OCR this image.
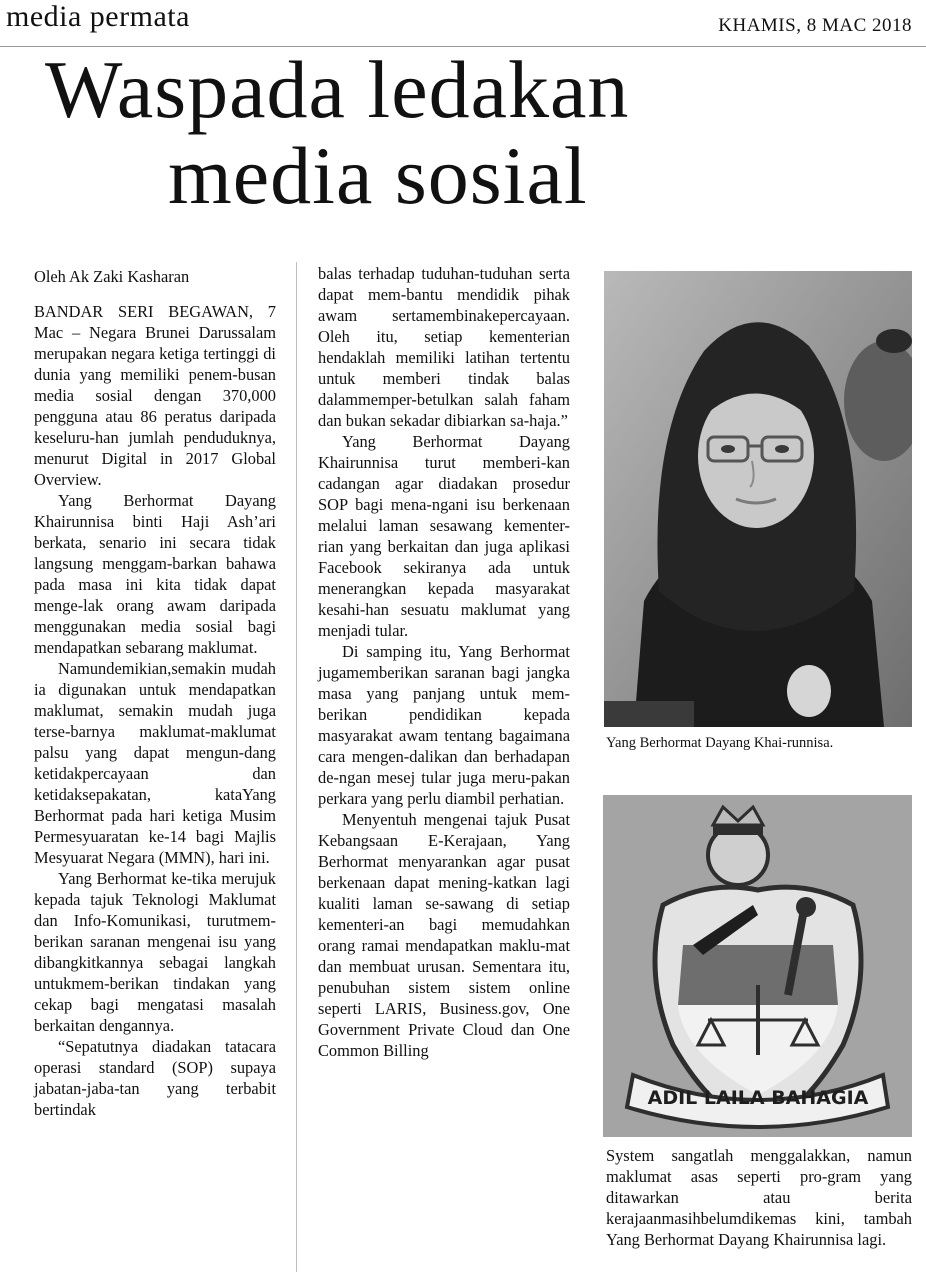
media permata	KHAMIS, 8 MAC 2018
Waspada ledakan
media sosial

Oleh Ak Zaki Kasharan

BANDAR SERI BEGAWAN, 7 Mac – Negara Brunei Darussalam merupakan negara ketiga tertinggi di dunia yang memiliki penem-busan media sosial dengan 370,000 pengguna atau 86 peratus daripada keseluru-han jumlah penduduknya, menurut Digital in 2017 Global Overview.

Yang Berhormat Dayang Khairunnisa binti Haji Ash’ari berkata, senario ini secara tidak langsung menggam-barkan bahawa pada masa ini kita tidak dapat menge-lak orang awam daripada menggunakan media sosial bagi mendapatkan sebarang maklumat.

Namundemikian,semakin mudah ia digunakan untuk mendapatkan maklumat, semakin mudah juga terse-barnya maklumat-maklumat palsu yang dapat mengun-dang ketidakpercayaan dan ketidaksepakatan, kataYang Berhormat pada hari ketiga Musim Permesyuaratan ke-14 bagi Majlis Mesyuarat Negara (MMN), hari ini.

Yang Berhormat ke-tika merujuk kepada tajuk Teknologi Maklumat dan Info-Komunikasi, turutmem-berikan saranan mengenai isu yang dibangkitkannya sebagai langkah untukmem-berikan tindakan yang cekap bagi mengatasi masalah berkaitan dengannya.

“Sepatutnya diadakan tatacara operasi standard (SOP) supaya jabatan-jaba-tan yang terbabit bertindak

balas terhadap tuduhan-tuduhan serta dapat mem-bantu mendidik pihak awam sertamembinakepercayaan. Oleh itu, setiap kementerian hendaklah memiliki latihan tertentu untuk memberi tindak balas dalammemper-betulkan salah faham dan bukan sekadar dibiarkan sa-haja.”

Yang Berhormat Dayang Khairunnisa turut memberi-kan cadangan agar diadakan prosedur SOP bagi mena-ngani isu berkenaan melalui laman sesawang kementer-rian yang berkaitan dan juga aplikasi Facebook sekiranya ada untuk menerangkan kepada masyarakat kesahi-han sesuatu maklumat yang menjadi tular.

Di samping itu, Yang Berhormat jugamemberikan saranan bagi jangka masa yang panjang untuk mem-berikan pendidikan kepada masyarakat awam tentang bagaimana cara mengen-dalikan dan berhadapan de-ngan mesej tular juga meru-pakan perkara yang perlu diambil perhatian.

Menyentuh mengenai tajuk Pusat Kebangsaan E-Kerajaan, Yang Berhormat menyarankan agar pusat berkenaan dapat mening-katkan lagi kualiti laman se-sawang di setiap kementeri-an bagi memudahkan orang ramai mendapatkan maklu-mat dan membuat urusan. Sementara itu, penubuhan sistem sistem online seperti LARIS, Business.gov, One Government Private Cloud dan One Common Billing

Yang Berhormat Dayang Khai-runnisa.
ADIL LAILA BAHAGIA
System sangatlah menggalakkan, namun maklumat asas seperti pro-gram yang ditawarkan atau berita kerajaanmasihbelumdikemas kini, tambah Yang Berhormat Dayang Khairunnisa lagi.
